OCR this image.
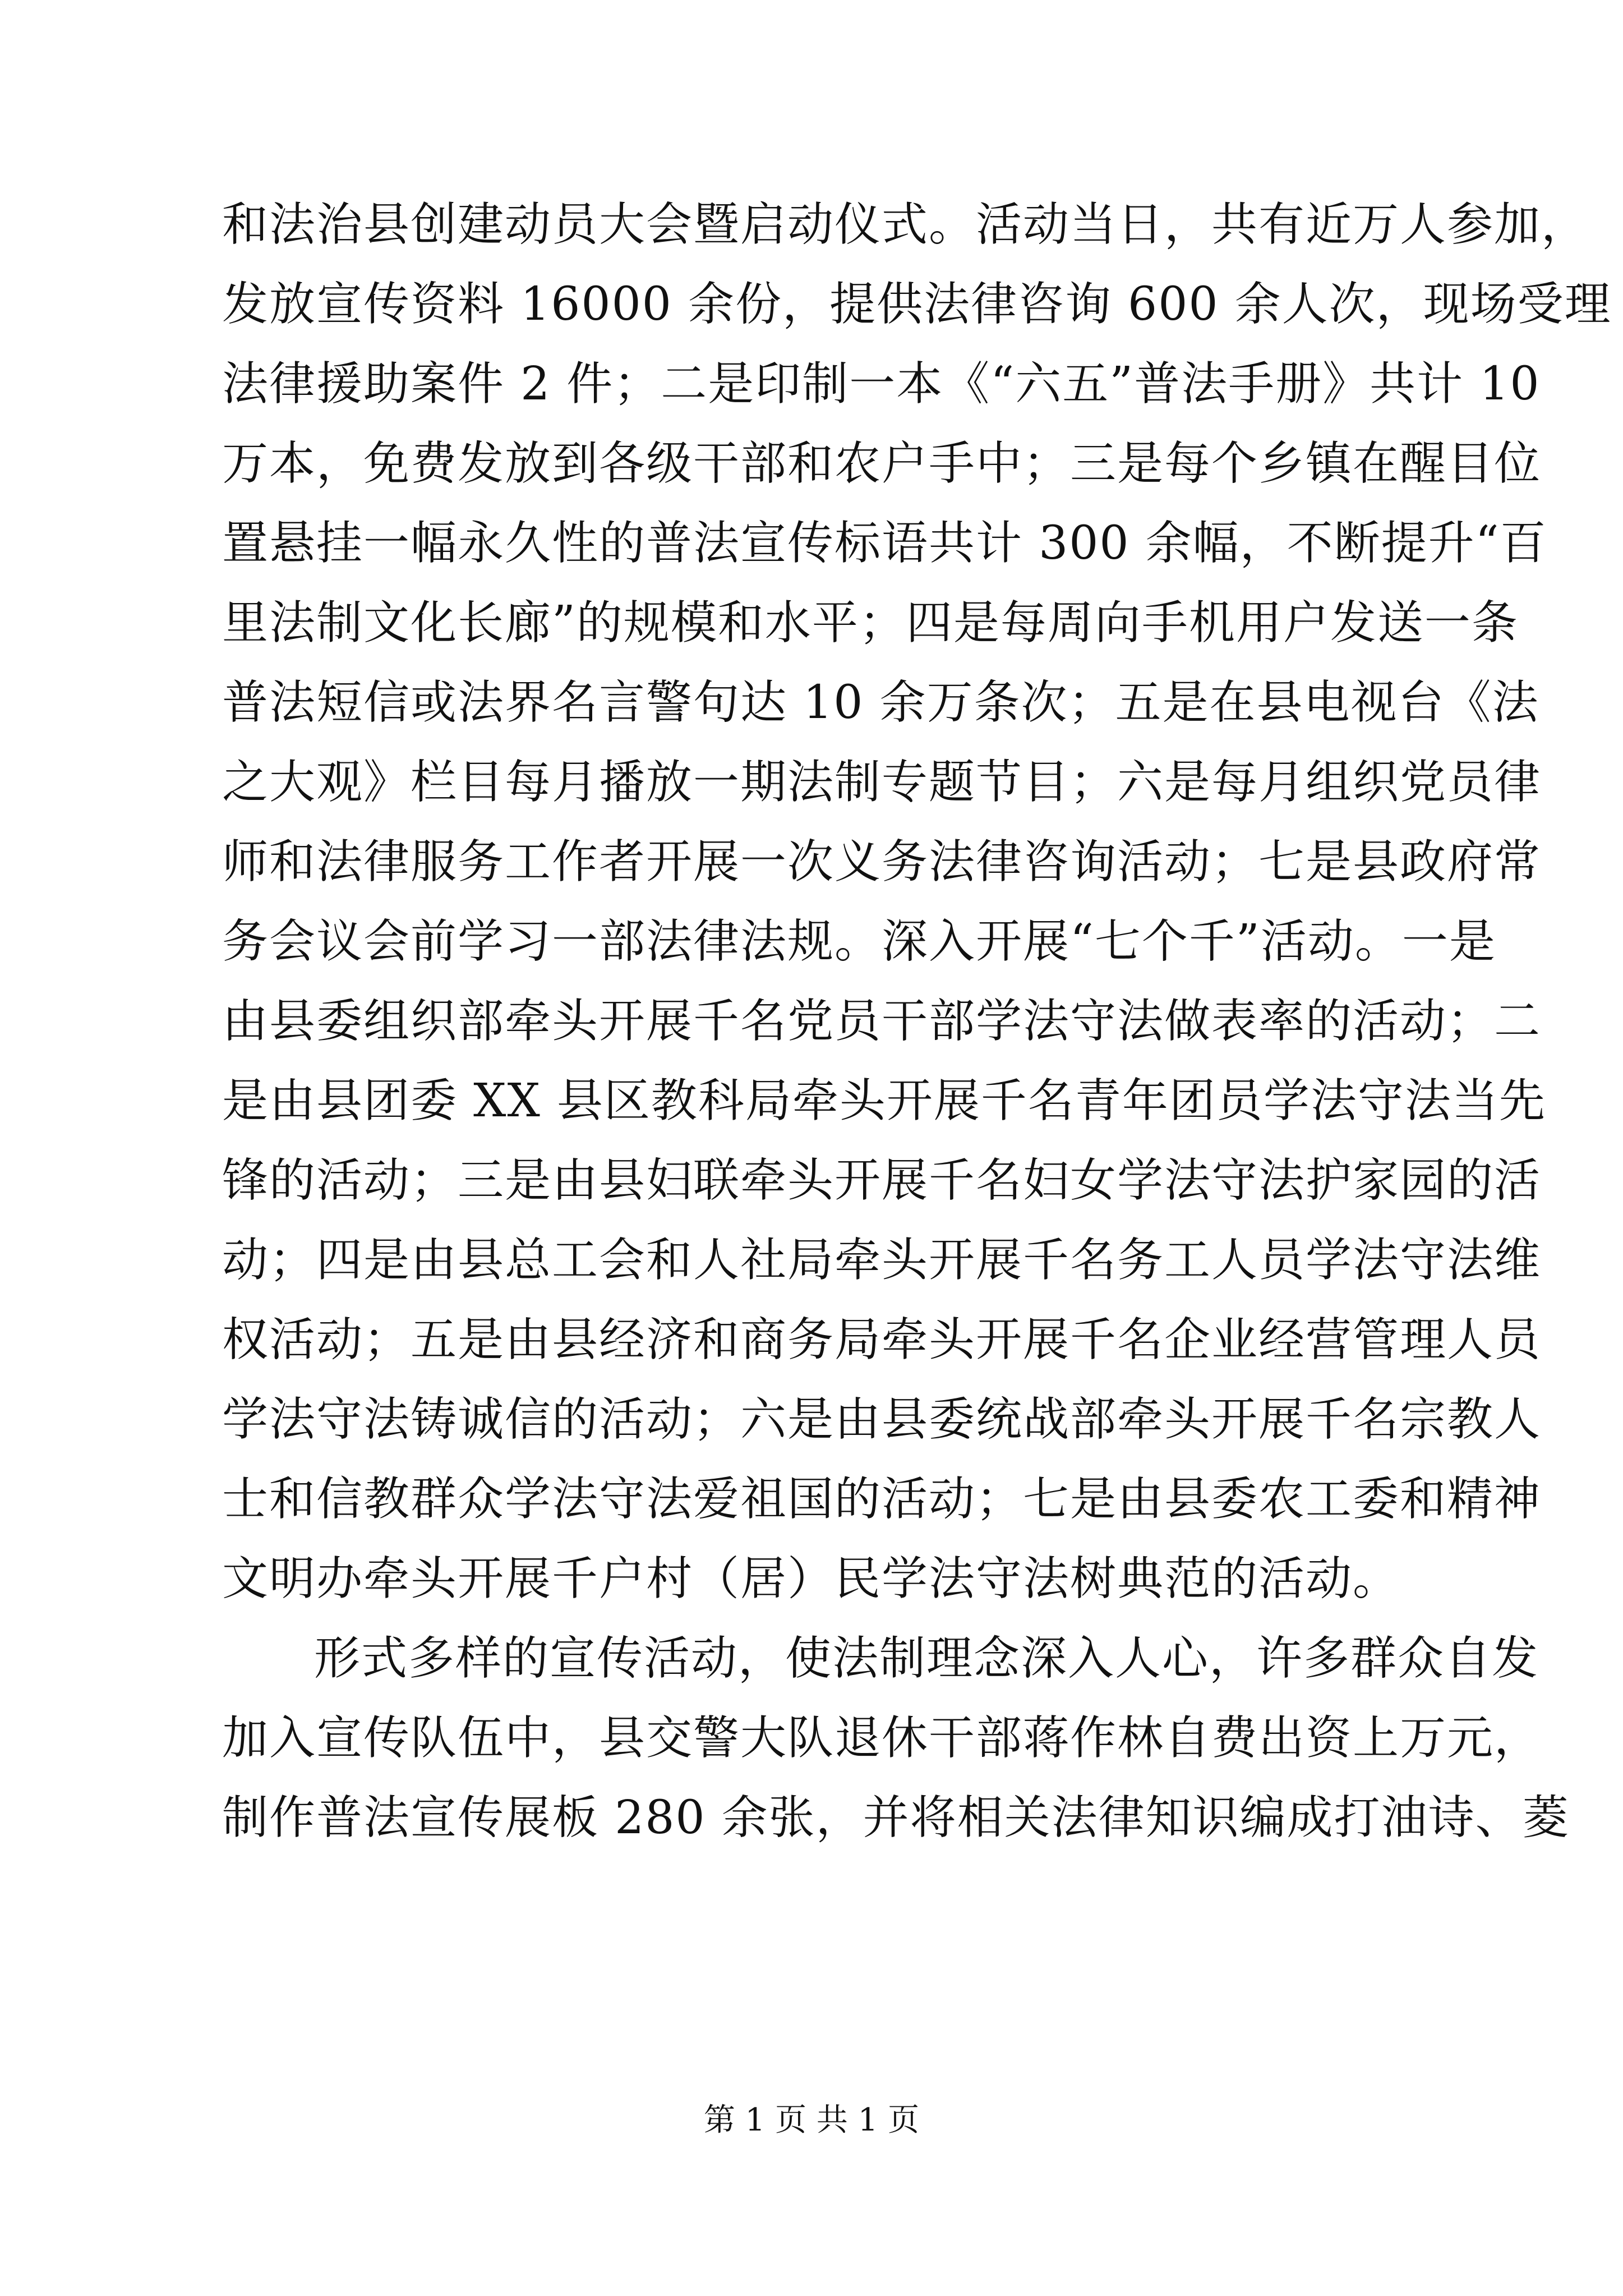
和法治县创建动员大会暨启动仪式。活动当日，共有近万人参加，
发放宣传资料 16000 余份，提供法律咨询 600 余人次，现场受理
法律援助案件 2 件；二是印制一本《“六五”普法手册》共计 10
万本，免费发放到各级干部和农户手中；三是每个乡镇在醒目位
置悬挂一幅永久性的普法宣传标语共计 300 余幅，不断提升“百
里法制文化长廊”的规模和水平；四是每周向手机用户发送一条
普法短信或法界名言警句达 10 余万条次；五是在县电视台《法
之大观》栏目每月播放一期法制专题节目；六是每月组织党员律
师和法律服务工作者开展一次义务法律咨询活动；七是县政府常
务会议会前学习一部法律法规。深入开展“七个千”活动。一是
由县委组织部牵头开展千名党员干部学法守法做表率的活动；二
是由县团委 XX 县区教科局牵头开展千名青年团员学法守法当先
锋的活动；三是由县妇联牵头开展千名妇女学法守法护家园的活
动；四是由县总工会和人社局牵头开展千名务工人员学法守法维
权活动；五是由县经济和商务局牵头开展千名企业经营管理人员
学法守法铸诚信的活动；六是由县委统战部牵头开展千名宗教人
士和信教群众学法守法爱祖国的活动；七是由县委农工委和精神
文明办牵头开展千户村（居）民学法守法树典范的活动。

形式多样的宣传活动，使法制理念深入人心，许多群众自发
加入宣传队伍中，县交警大队退休干部蒋作林自费出资上万元，
制作普法宣传展板 280 余张，并将相关法律知识编成打油诗、菱

第 1 页 共 1 页
